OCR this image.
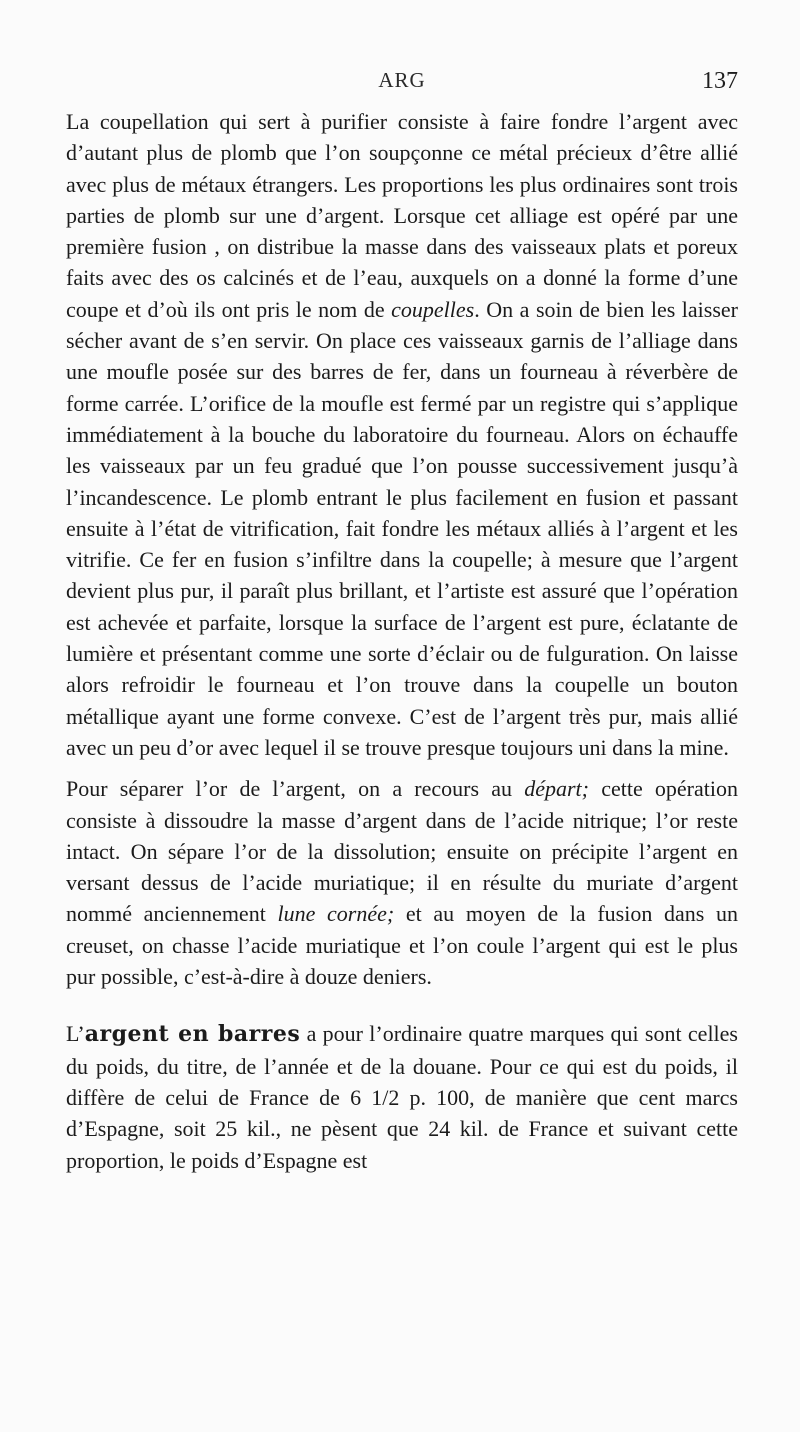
ARG	137

La coupellation qui sert à purifier consiste à faire fondre l’argent avec d’autant plus de plomb que l’on soupçonne ce métal précieux d’être allié avec plus de métaux étrangers. Les proportions les plus ordinaires sont trois parties de plomb sur une d’argent. Lorsque cet alliage est opéré par une première fusion , on distribue la masse dans des vaisseaux plats et poreux faits avec des os calcinés et de l’eau, auxquels on a donné la forme d’une coupe et d’où ils ont pris le nom de coupelles. On a soin de bien les laisser sécher avant de s’en servir. On place ces vaisseaux garnis de l’alliage dans une moufle posée sur des barres de fer, dans un fourneau à réverbère de forme carrée. L’orifice de la moufle est fermé par un registre qui s’applique immédiatement à la bouche du laboratoire du fourneau. Alors on échauffe les vaisseaux par un feu gradué que l’on pousse successivement jusqu’à l’incandescence. Le plomb entrant le plus facilement en fusion et passant ensuite à l’état de vitrification, fait fondre les métaux alliés à l’argent et les vitrifie. Ce fer en fusion s’infiltre dans la coupelle; à mesure que l’argent devient plus pur, il paraît plus brillant, et l’artiste est assuré que l’opération est achevée et parfaite, lorsque la surface de l’argent est pure, éclatante de lumière et présentant comme une sorte d’éclair ou de fulguration. On laisse alors refroidir le fourneau et l’on trouve dans la coupelle un bouton métallique ayant une forme convexe. C’est de l’argent très pur, mais allié avec un peu d’or avec lequel il se trouve presque toujours uni dans la mine.

Pour séparer l’or de l’argent, on a recours au départ; cette opération consiste à dissoudre la masse d’argent dans de l’acide nitrique; l’or reste intact. On sépare l’or de la dissolution; ensuite on précipite l’argent en versant dessus de l’acide muriatique; il en résulte du muriate d’argent nommé anciennement lune cornée; et au moyen de la fusion dans un creuset, on chasse l’acide muriatique et l’on coule l’argent qui est le plus pur possible, c’est-à-dire à douze deniers.

L’argent en barres a pour l’ordinaire quatre marques qui sont celles du poids, du titre, de l’année et de la douane. Pour ce qui est du poids, il diffère de celui de France de 6 1/2 p. 100, de manière que cent marcs d’Espagne, soit 25 kil., ne pèsent que 24 kil. de France et suivant cette proportion, le poids d’Espagne est
